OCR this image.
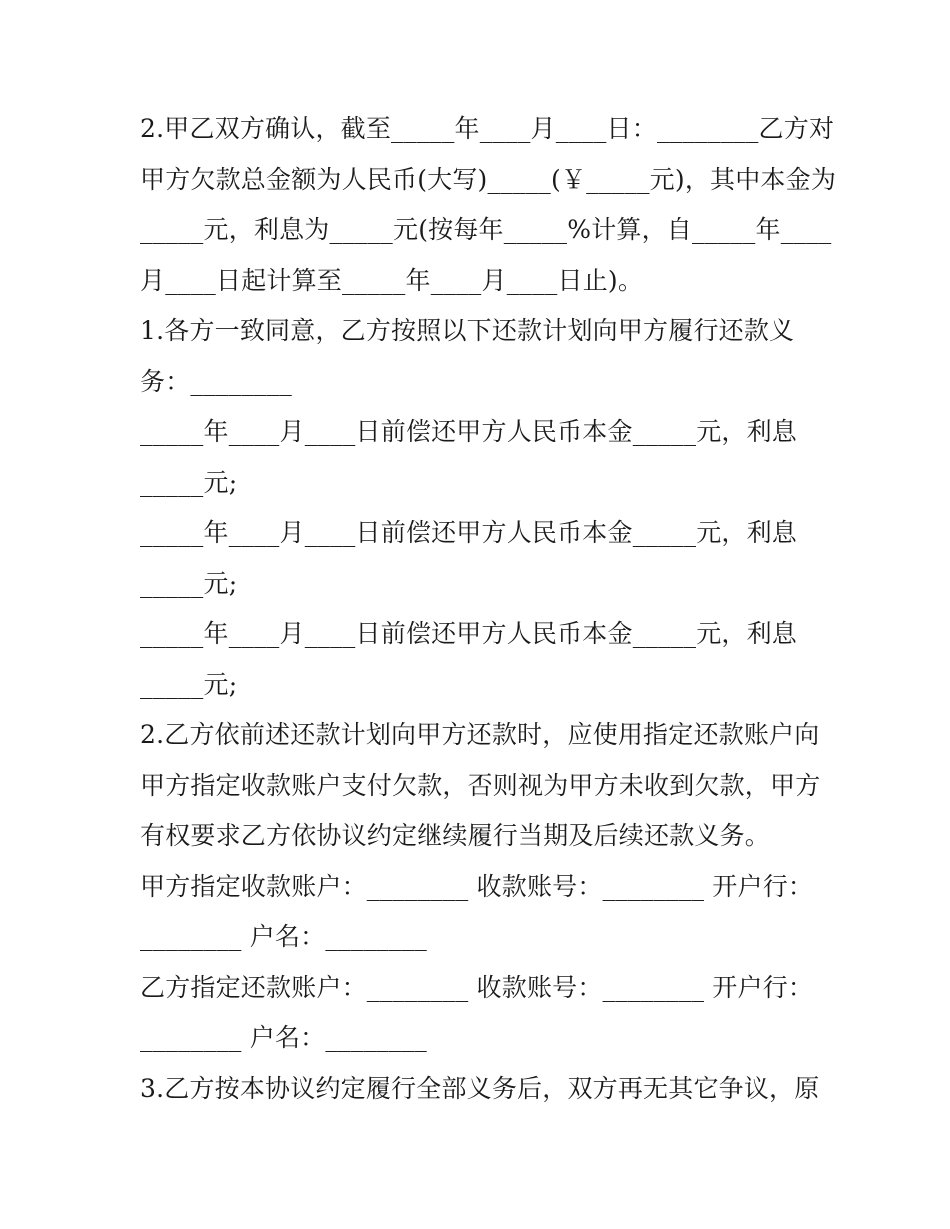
2.甲乙双方确认，截至_____年____月____日：________乙方对
甲方欠款总金额为人民币(大写)_____(￥_____元)，其中本金为
_____元，利息为_____元(按每年_____%计算，自_____年____
月____日起计算至_____年____月____日止)。
1.各方一致同意，乙方按照以下还款计划向甲方履行还款义
务：________
_____年____月____日前偿还甲方人民币本金_____元，利息
_____元;
_____年____月____日前偿还甲方人民币本金_____元，利息
_____元;
_____年____月____日前偿还甲方人民币本金_____元，利息
_____元;
2.乙方依前述还款计划向甲方还款时，应使用指定还款账户向
甲方指定收款账户支付欠款，否则视为甲方未收到欠款，甲方
有权要求乙方依协议约定继续履行当期及后续还款义务。
甲方指定收款账户：________ 收款账号：________ 开户行：
________ 户名：________
乙方指定还款账户：________ 收款账号：________ 开户行：
________ 户名：________
3.乙方按本协议约定履行全部义务后，双方再无其它争议，原
